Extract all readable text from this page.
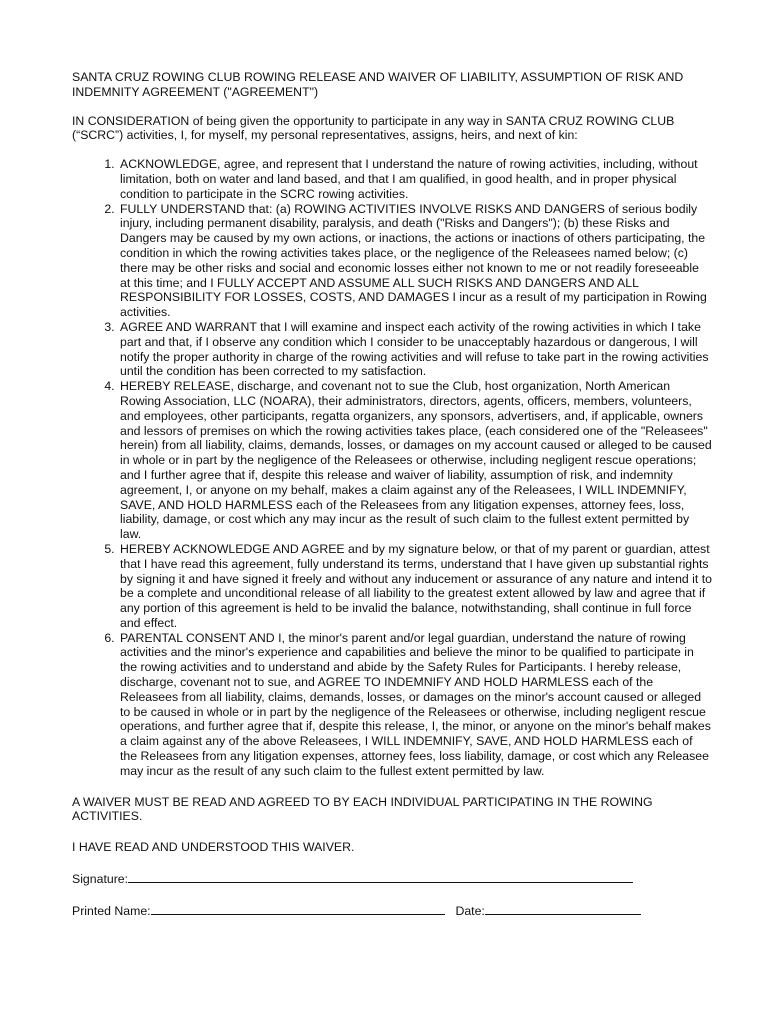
SANTA CRUZ ROWING CLUB ROWING RELEASE AND WAIVER OF LIABILITY, ASSUMPTION OF RISK AND INDEMNITY AGREEMENT ("AGREEMENT")
IN CONSIDERATION of being given the opportunity to participate in any way in SANTA CRUZ ROWING CLUB (“SCRC”) activities, I, for myself, my personal representatives, assigns, heirs, and next of kin:
1. ACKNOWLEDGE, agree, and represent that I understand the nature of rowing activities, including, without limitation, both on water and land based, and that I am qualified, in good health, and in proper physical condition to participate in the SCRC rowing activities.
2. FULLY UNDERSTAND that: (a) ROWING ACTIVITIES INVOLVE RISKS AND DANGERS of serious bodily injury, including permanent disability, paralysis, and death ("Risks and Dangers"); (b) these Risks and Dangers may be caused by my own actions, or inactions, the actions or inactions of others participating, the condition in which the rowing activities takes place, or the negligence of the Releasees named below; (c) there may be other risks and social and economic losses either not known to me or not readily foreseeable at this time; and I FULLY ACCEPT AND ASSUME ALL SUCH RISKS AND DANGERS AND ALL RESPONSIBILITY FOR LOSSES, COSTS, AND DAMAGES I incur as a result of my participation in Rowing activities.
3. AGREE AND WARRANT that I will examine and inspect each activity of the rowing activities in which I take part and that, if I observe any condition which I consider to be unacceptably hazardous or dangerous, I will notify the proper authority in charge of the rowing activities and will refuse to take part in the rowing activities until the condition has been corrected to my satisfaction.
4. HEREBY RELEASE, discharge, and covenant not to sue the Club, host organization, North American Rowing Association, LLC (NOARA), their administrators, directors, agents, officers, members, volunteers, and employees, other participants, regatta organizers, any sponsors, advertisers, and, if applicable, owners and lessors of premises on which the rowing activities takes place, (each considered one of the "Releasees" herein) from all liability, claims, demands, losses, or damages on my account caused or alleged to be caused in whole or in part by the negligence of the Releasees or otherwise, including negligent rescue operations; and I further agree that if, despite this release and waiver of liability, assumption of risk, and indemnity agreement, I, or anyone on my behalf, makes a claim against any of the Releasees, I WILL INDEMNIFY, SAVE, AND HOLD HARMLESS each of the Releasees from any litigation expenses, attorney fees, loss, liability, damage, or cost which any may incur as the result of such claim to the fullest extent permitted by law.
5. HEREBY ACKNOWLEDGE AND AGREE and by my signature below, or that of my parent or guardian, attest that I have read this agreement, fully understand its terms, understand that I have given up substantial rights by signing it and have signed it freely and without any inducement or assurance of any nature and intend it to be a complete and unconditional release of all liability to the greatest extent allowed by law and agree that if any portion of this agreement is held to be invalid the balance, notwithstanding, shall continue in full force and effect.
6. PARENTAL CONSENT AND I, the minor's parent and/or legal guardian, understand the nature of rowing activities and the minor's experience and capabilities and believe the minor to be qualified to participate in the rowing activities and to understand and abide by the Safety Rules for Participants. I hereby release, discharge, covenant not to sue, and AGREE TO INDEMNIFY AND HOLD HARMLESS each of the Releasees from all liability, claims, demands, losses, or damages on the minor's account caused or alleged to be caused in whole or in part by the negligence of the Releasees or otherwise, including negligent rescue operations, and further agree that if, despite this release, I, the minor, or anyone on the minor's behalf makes a claim against any of the above Releasees, I WILL INDEMNIFY, SAVE, AND HOLD HARMLESS each of the Releasees from any litigation expenses, attorney fees, loss liability, damage, or cost which any Releasee may incur as the result of any such claim to the fullest extent permitted by law.
A WAIVER MUST BE READ AND AGREED TO BY EACH INDIVIDUAL PARTICIPATING IN THE ROWING ACTIVITIES.
I HAVE READ AND UNDERSTOOD THIS WAIVER.
Signature:
Printed Name:	Date:
